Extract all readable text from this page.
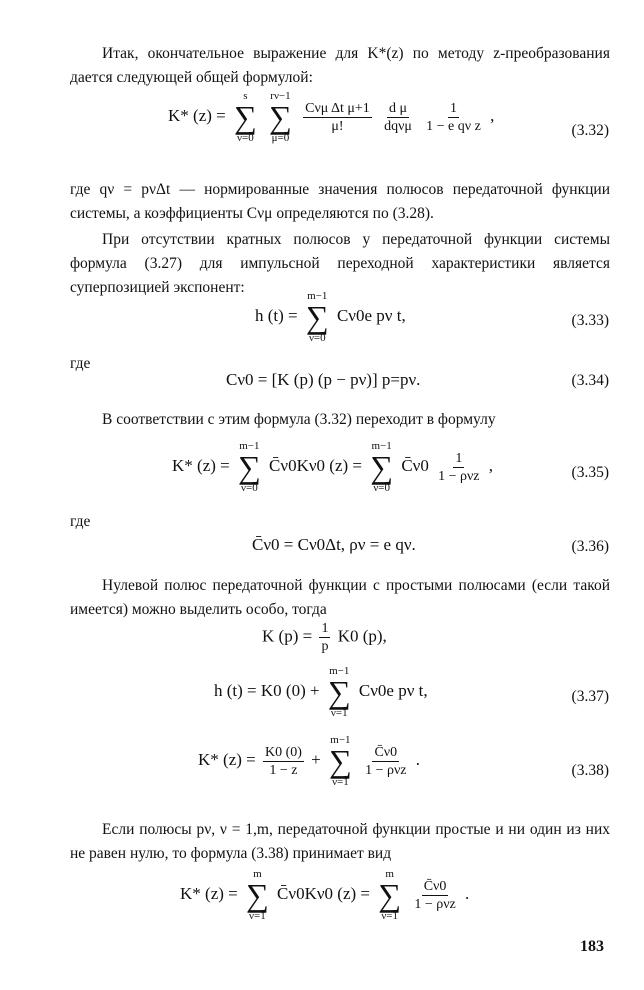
Итак, окончательное выражение для K*(z) по методу z-преобразования дается следующей общей формулой:
K* (z) =
s
∑
ν=0

rν−1
∑
μ=0

$\frac{\text{Cνμ Δt μ+1}}{\mu!}$
$\frac{\text{d μ}}{\text{dqνμ}}$
$\frac{1}{\text{1 − e qν z}}$ ,
(3.32)
где qν = pνΔt — нормированные значения полюсов передаточной функции системы, а коэффициенты Cνμ определяются по (3.28).
При отсутствии кратных полюсов у передаточной функции системы формула (3.27) для импульсной переходной характеристики является суперпозицией экспонент:
h (t) =
m−1
∑
ν=0
Cν0e pν t,	(3.33)
где
Cν0 = [K (p) (p − pν)] p=pν.	(3.34)
В соответствии с этим формула (3.32) переходит в формулу
K* (z) =
m−1
∑
ν=0
C̄ν0Kν0 (z) =
m−1
∑
ν=0
C̄ν0 $\frac{1}{\text{1 − ρνz}}$ ,	(3.35)
где
C̄ν0 = Cν0Δt, ρν = e qν.	(3.36)
Нулевой полюс передаточной функции с простыми полюсами (если такой имеется) можно выделить особо, тогда
K $(p) = \frac{1}{p} K0$ (p),
h (t) = K0 (0) +
m−1
∑
ν=1
Cν0e pν t,	(3.37)
K* $(z) = \frac{K0 (0)}{1 - z}$ +
m−1
∑
ν=1

$\frac{C̄\nu 0}{\text{1 − ρνz}}$ .
(3.38)
Если полюсы pν, ν = 1,m, передаточной функции простые и ни один из них не равен нулю, то формула (3.38) принимает вид
K* (z) =
m
∑
ν=1
C̄ν0Kν0 (z) =
m
∑
ν=1

$\frac{C̄\nu 0}{\text{1 − ρνz}}$ .
183
